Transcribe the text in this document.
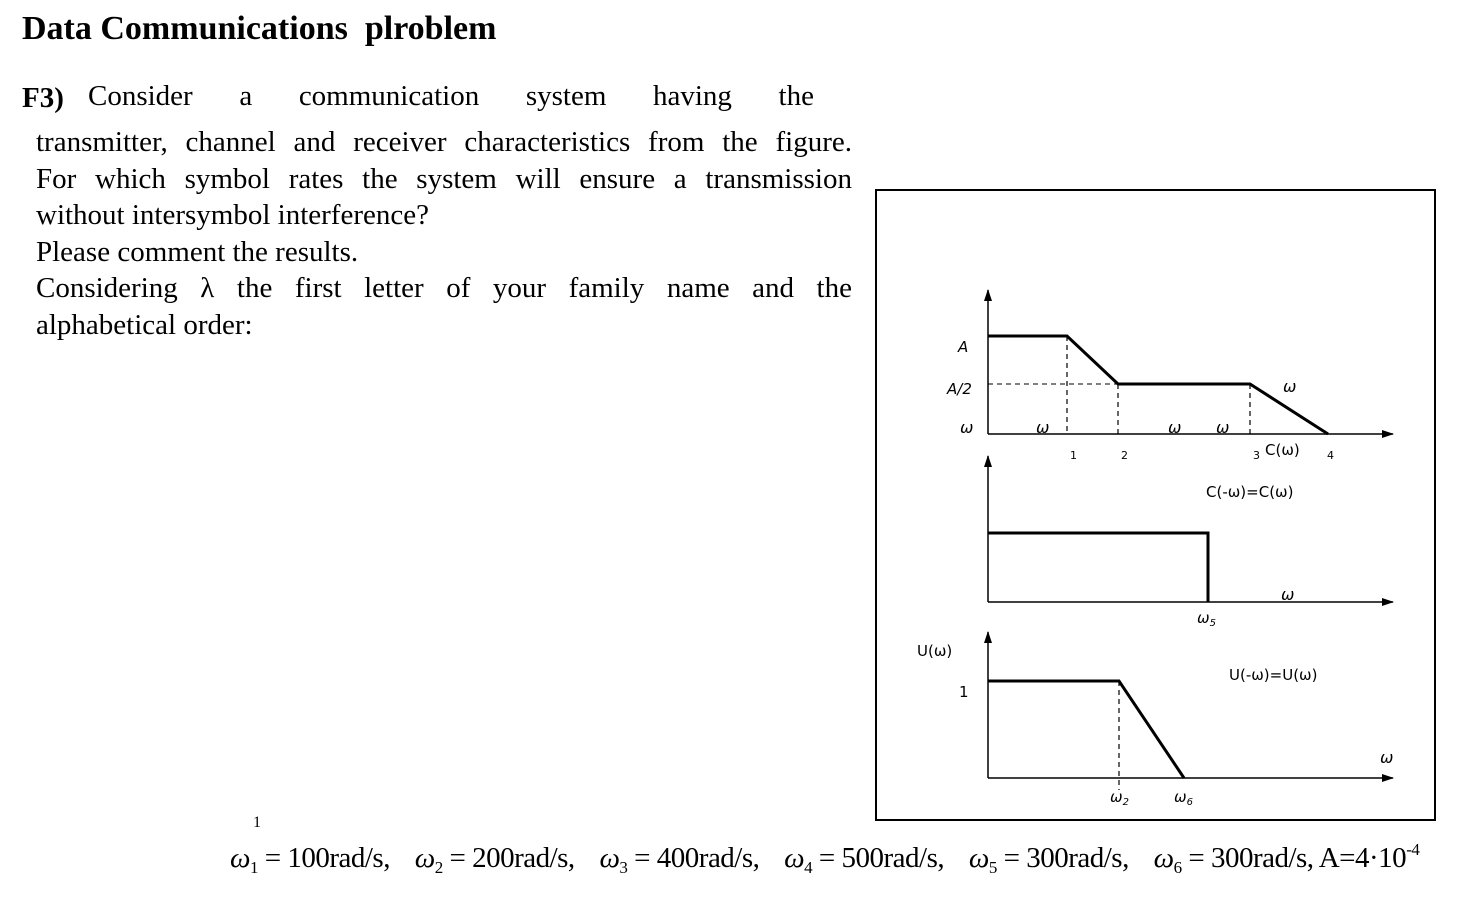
Data Communications  plroblem
F3) Consider a communication system having the
transmitter, channel and receiver characteristics from the figure.
For which symbol rates the system will ensure a transmission
without intersymbol interference?
Please comment the results.
Considering λ the first letter of your family name and the
alphabetical order:
A
A/2
ω	ω	ω ω
ω
1	2	3	4
C(ω)
C(-ω)=C(ω)
ω
$\omega_5$
U(ω)
1
U(-ω)=U(ω)
ω
$\omega_2$	$\omega_6$
1
$\omega_1 = 100rad/s$, $\omega_2 = 200rad/s$, $\omega_3 = 400rad/s$, $\omega_4 = 500rad/s$, $\omega_5 = 300rad/s$, $\omega_6 = 300rad/s$, $A=4\cdot 10^{-4}$
